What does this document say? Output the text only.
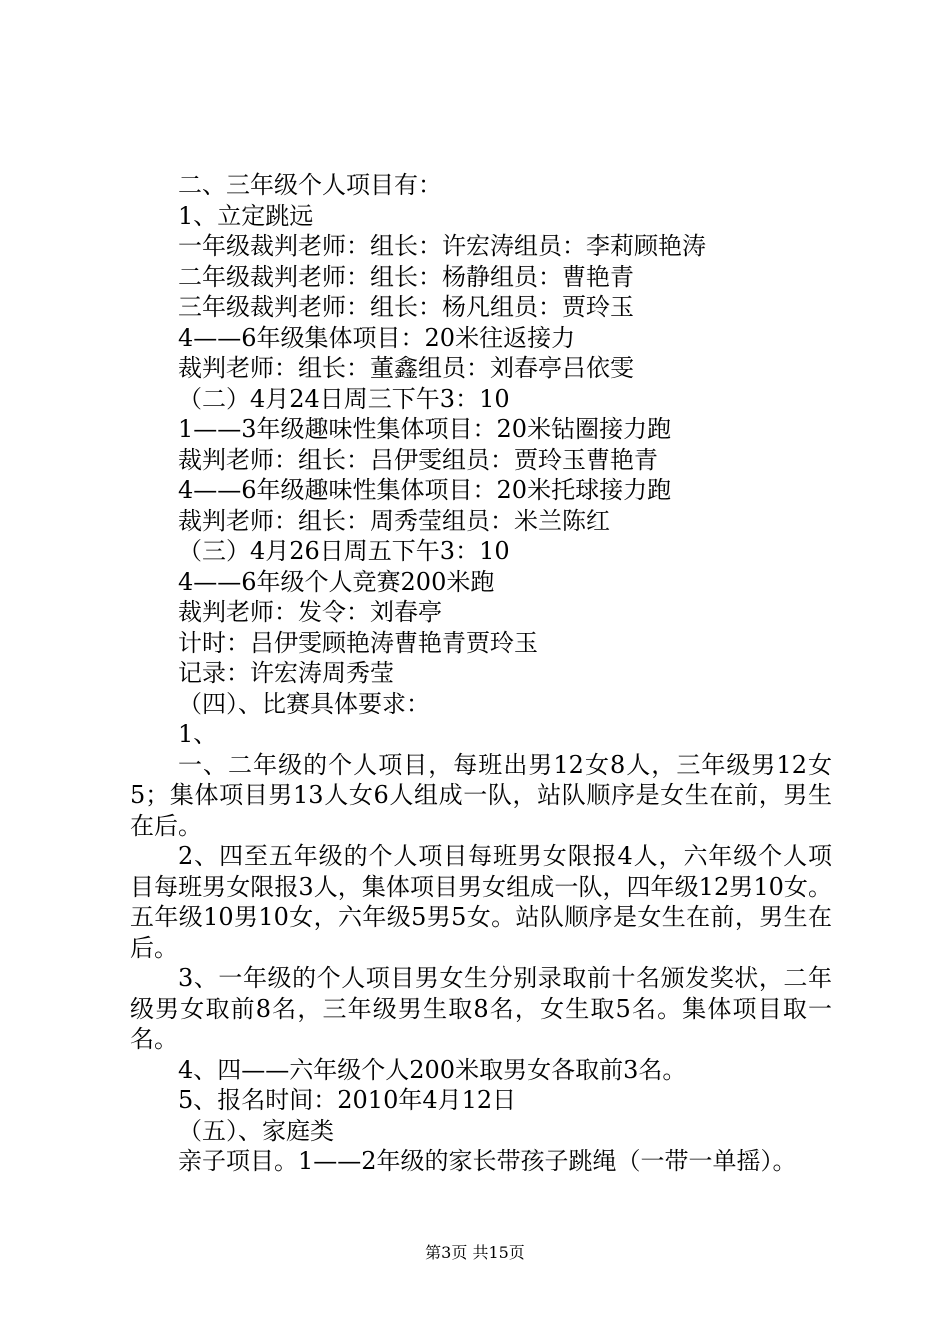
二、三年级个人项目有：
1、立定跳远
一年级裁判老师：组长：许宏涛组员：李莉顾艳涛
二年级裁判老师：组长：杨静组员：曹艳青
三年级裁判老师：组长：杨凡组员：贾玲玉
4——6年级集体项目：20米往返接力
裁判老师：组长：董鑫组员：刘春亭吕依雯
（二）4月24日周三下午3：10
1——3年级趣味性集体项目：20米钻圈接力跑
裁判老师：组长：吕伊雯组员：贾玲玉曹艳青
4——6年级趣味性集体项目：20米托球接力跑
裁判老师：组长：周秀莹组员：米兰陈红
（三）4月26日周五下午3：10
4——6年级个人竞赛200米跑
裁判老师：发令：刘春亭
计时：吕伊雯顾艳涛曹艳青贾玲玉
记录：许宏涛周秀莹
（四）、比赛具体要求：
1、
一、二年级的个人项目，每班出男12女8人，三年级男12女5；集体项目男13人女6人组成一队，站队顺序是女生在前，男生在后。
2、四至五年级的个人项目每班男女限报4人，六年级个人项目每班男女限报3人，集体项目男女组成一队，四年级12男10女。五年级10男10女，六年级5男5女。站队顺序是女生在前，男生在后。
3、一年级的个人项目男女生分别录取前十名颁发奖状，二年级男女取前8名，三年级男生取8名，女生取5名。集体项目取一名。
4、四——六年级个人200米取男女各取前3名。
5、报名时间：2010年4月12日
（五）、家庭类
亲子项目。1——2年级的家长带孩子跳绳（一带一单摇）。
第3页 共15页
